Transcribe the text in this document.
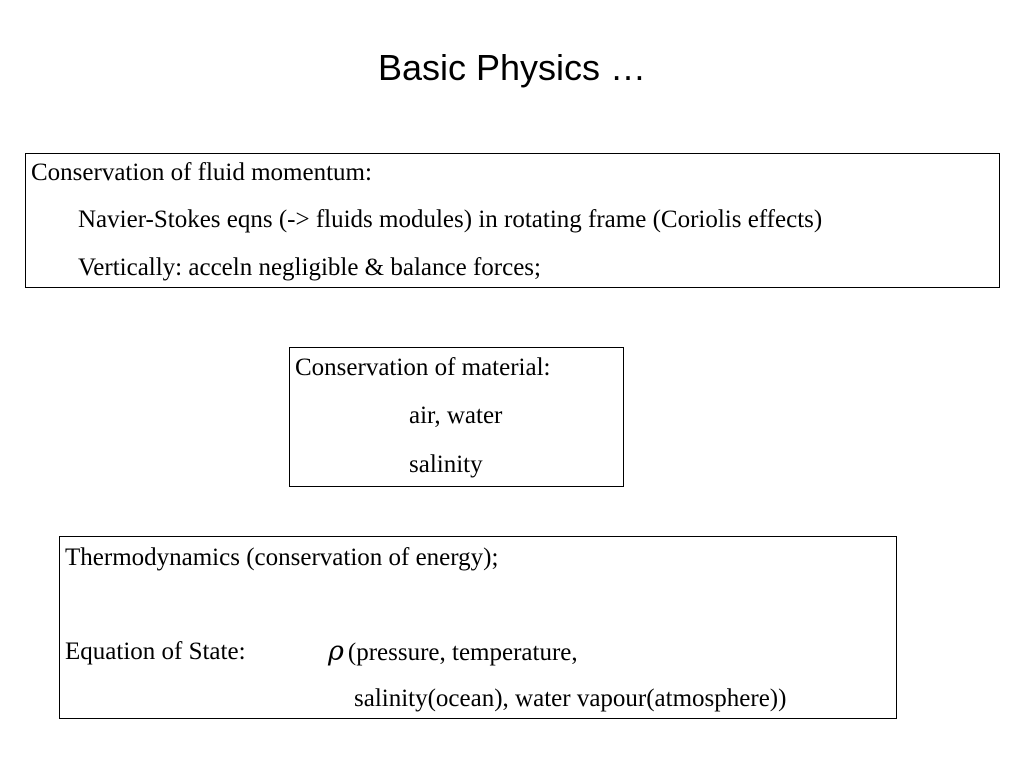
Basic Physics …
Conservation of fluid momentum:
Navier-Stokes eqns (-> fluids modules) in rotating frame (Coriolis effects)
Vertically: acceln negligible & balance forces;
Conservation of material:
air, water
salinity
Thermodynamics (conservation of energy);
Equation of State:	ρ (pressure, temperature,
salinity(ocean), water vapour(atmosphere))
